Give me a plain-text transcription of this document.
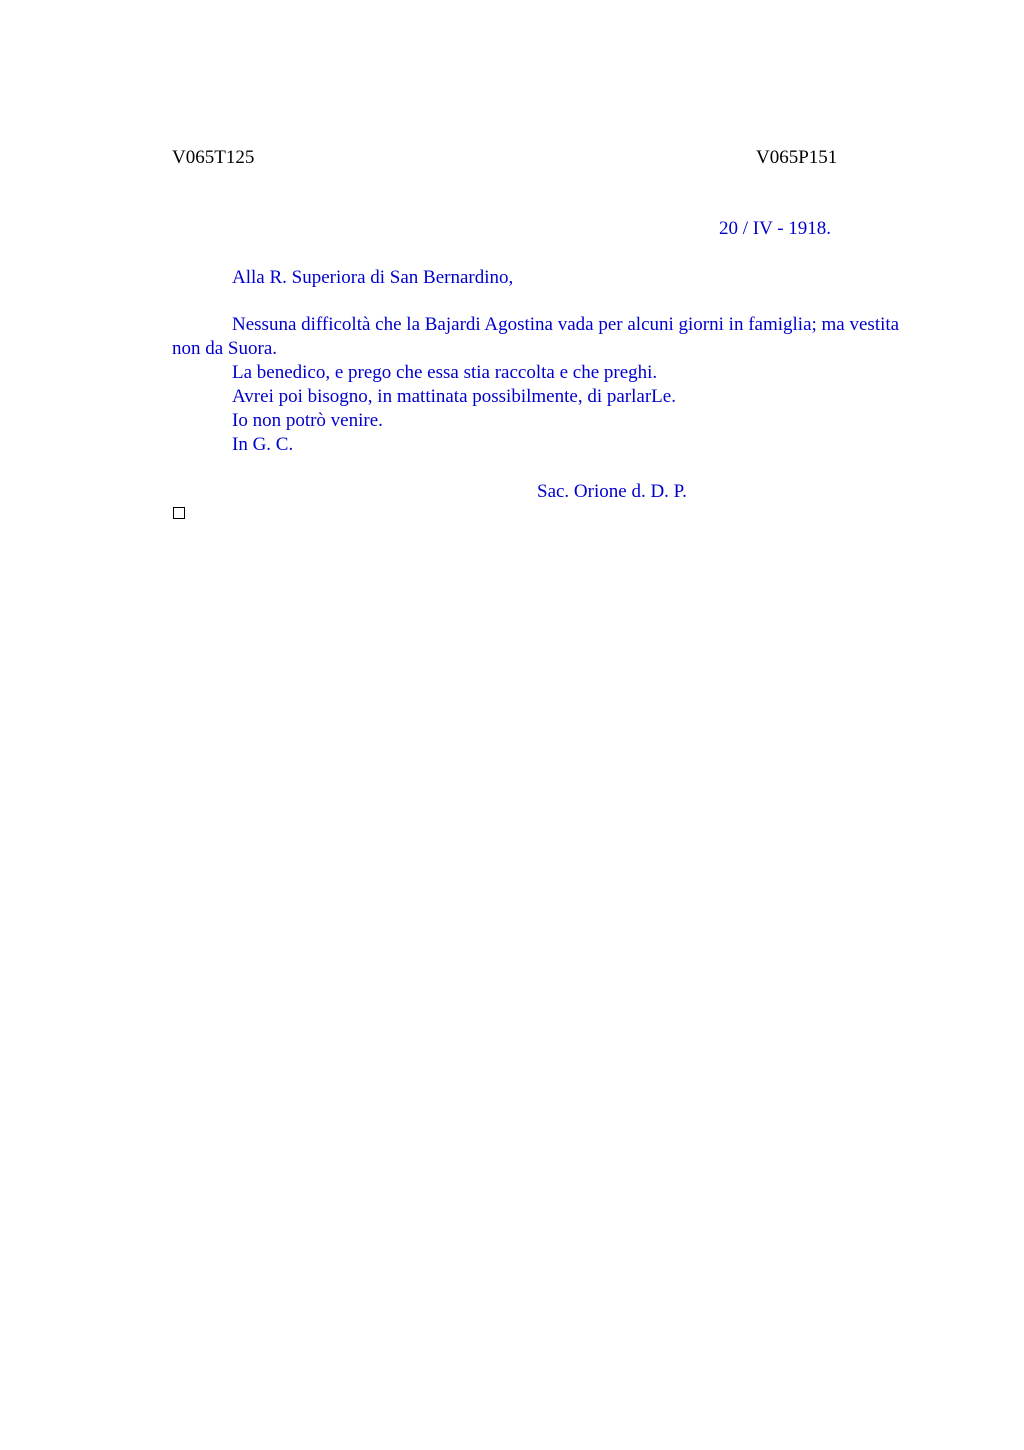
V065T125	V065P151
20 / IV - 1918.
Alla R. Superiora di San Bernardino,

Nessuna difficoltà che la Bajardi Agostina vada per alcuni giorni in famiglia; ma vestita non da Suora.

La benedico, e prego che essa stia raccolta e che preghi.

Avrei poi bisogno, in mattinata possibilmente, di parlarLe.

Io non potrò venire.

In G. C.

Sac. Orione d. D. P.
